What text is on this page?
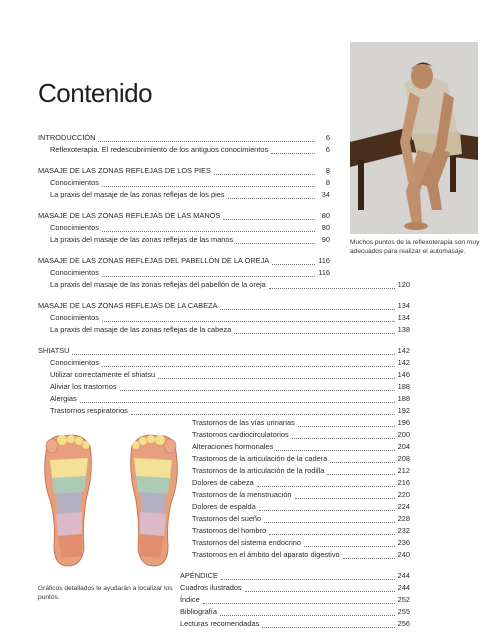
Contenido
Muchos puntos de la reflexoterapia son muy adecuados para realizar el automasaje.
Gráficos detallados le ayudarán a localizar los puntos.
INTRODUCCIÓN	6
Reflexoterapia. El redescubrimiento de los antiguos conocimientos	6
MASAJE DE LAS ZONAS REFLEJAS DE LOS PIES	8
Conocimientos	8
La praxis del masaje de las zonas reflejas de los pies	34
MASAJE DE LAS ZONAS REFLEJAS DE LAS MANOS	80
Conocimientos	80
La praxis del masaje de las zonas reflejas de las manos	90
MASAJE DE LAS ZONAS REFLEJAS DEL PABELLÓN DE LA OREJA	116
Conocimientos	116
La praxis del masaje de las zonas reflejas del pabellón de la oreja	120
MASAJE DE LAS ZONAS REFLEJAS DE LA CABEZA	134
Conocimientos	134
La praxis del masaje de las zonas reflejas de la cabeza	138
SHIATSU	142
Conocimientos	142
Utilizar correctamente el shiatsu	146
Aliviar los trastornos	188
Alergias	188
Trastornos respiratorios	192
Trastornos de las vías urinarias	196
Trastornos cardiocirculatorios	200
Alteraciones hormonales	204
Trastornos de la articulación de la cadera	208
Trastornos de la articulación de la rodilla	212
Dolores de cabeza	216
Trastornos de la menstruación	220
Dolores de espalda	224
Trastornos del sueño	228
Trastornos del hombro	232
Trastornos del sistema endocrino	236
Trastornos en el ámbito del aparato digestivo	240
APÉNDICE	244
Cuadros ilustrados	244
Índice	252
Bibliografía	255
Lecturas recomendadas	256
